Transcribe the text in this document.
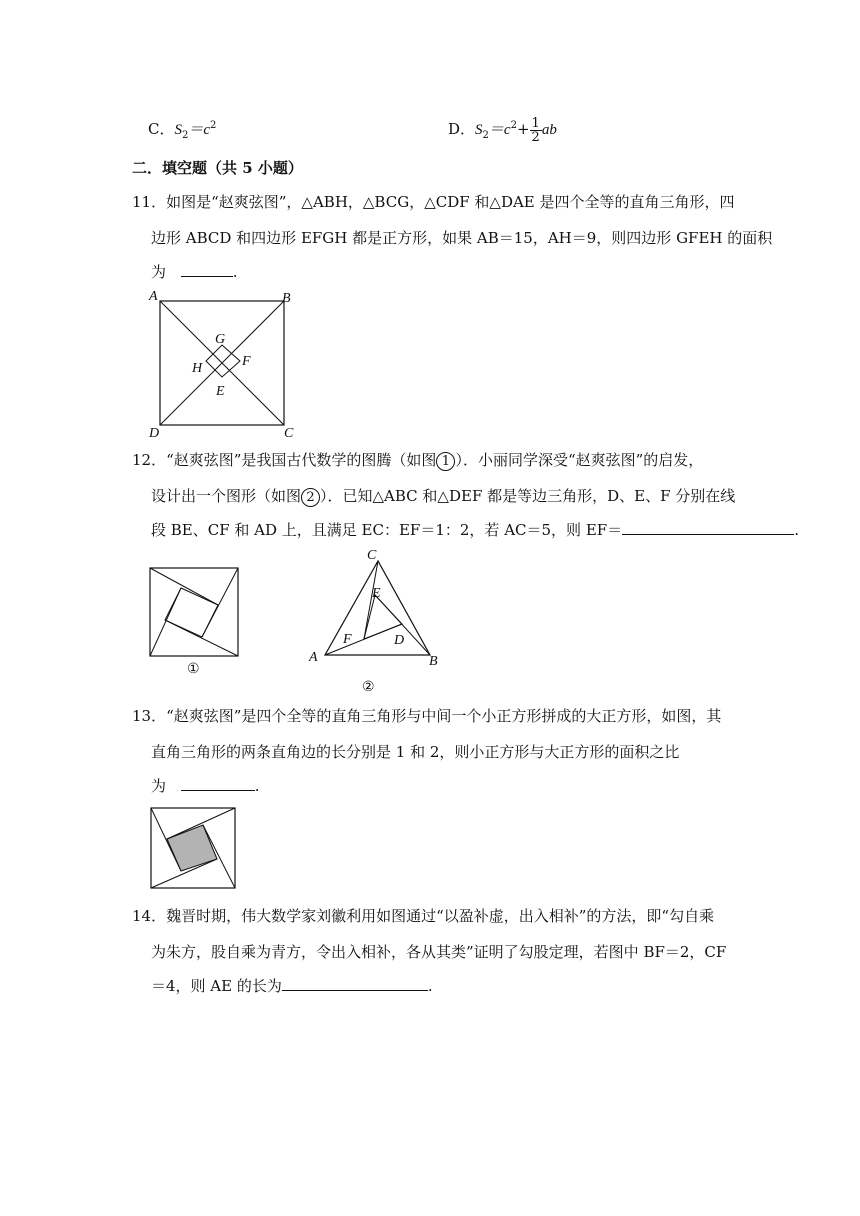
C．$S_2=c^2$	D．$S_2=c^2+ \frac{1}{2}$ ab
二．填空题（共 5 小题）
11．如图是“赵爽弦图”，△ABH，△BCG，△CDF 和△DAE 是四个全等的直角三角形，四
边形 ABCD 和四边形 EFGH 都是正方形，如果 AB＝15，AH＝9，则四边形 GFEH 的面积
为	.
A	B
C
D
E
F
G
H
12．“赵爽弦图”是我国古代数学的图腾（如图 1 ）．小丽同学深受“赵爽弦图”的启发，
设计出一个图形（如图 2 ）．已知△ABC 和△DEF 都是等边三角形，D、E、F 分别在线
段 BE、CF 和 AD 上，且满足 EC：EF＝1：2，若 AC＝5，则 EF＝	.
①
A	B
C
D
E
F
②
13．“赵爽弦图”是四个全等的直角三角形与中间一个小正方形拼成的大正方形，如图，其
直角三角形的两条直角边的长分别是 1 和 2，则小正方形与大正方形的面积之比
为	.
14．魏晋时期，伟大数学家刘徽利用如图通过“以盈补虚，出入相补”的方法，即“勾自乘
为朱方，股自乘为青方，令出入相补，各从其类”证明了勾股定理，若图中 BF＝2，CF
＝4，则 AE 的长为	.
